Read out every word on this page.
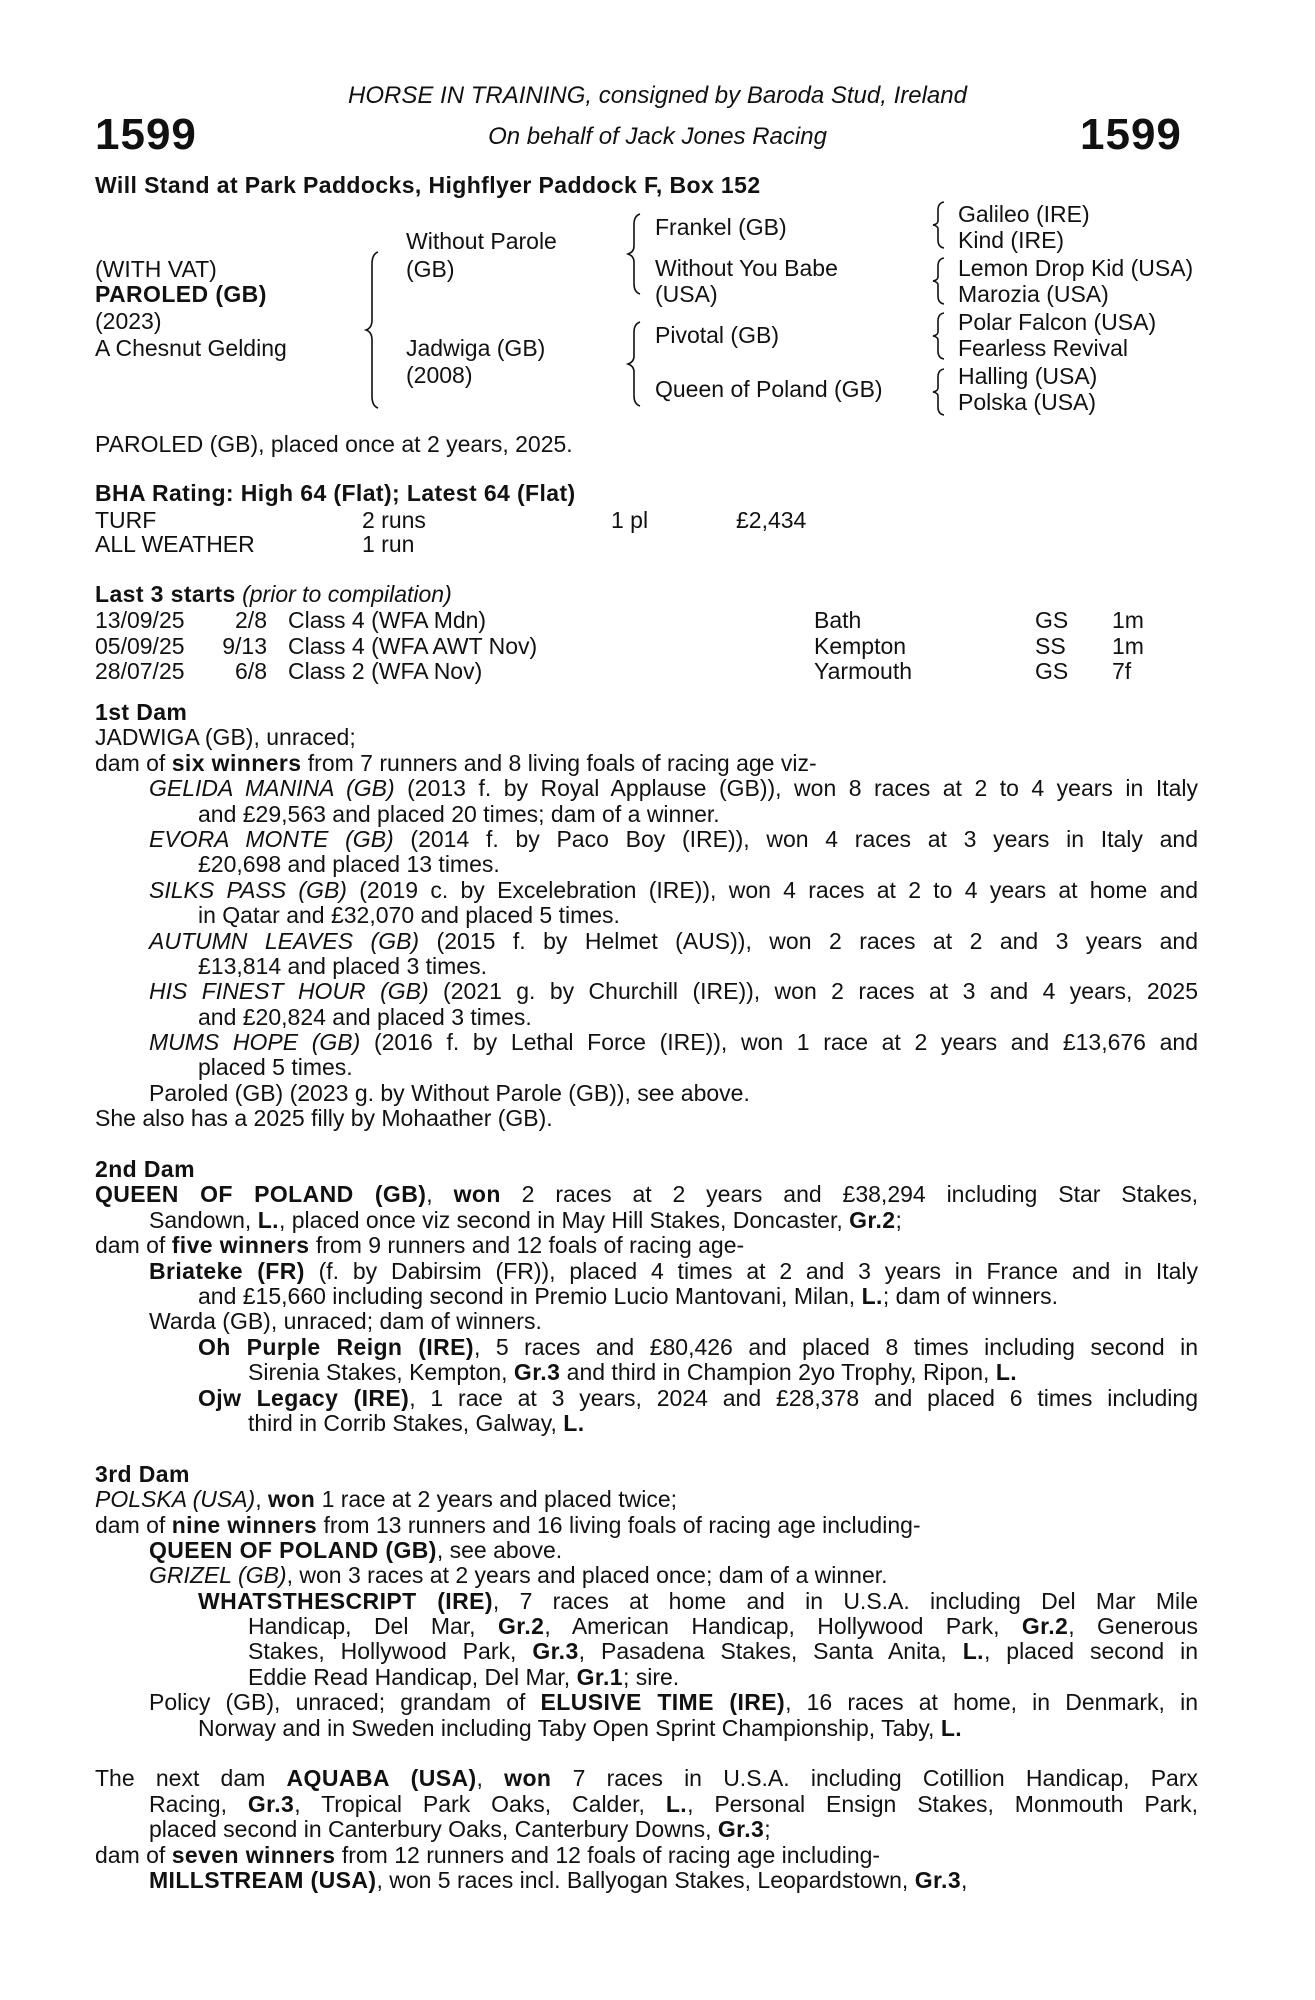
HORSE IN TRAINING, consigned by Baroda Stud, Ireland
On behalf of Jack Jones Racing
1599	1599
Will Stand at Park Paddocks, Highflyer Paddock F, Box 152
(WITH VAT)
PAROLED (GB)
(2023)
A Chesnut Gelding
Without Parole
(GB)
Jadwiga (GB)
(2008)
Frankel (GB)
Without You Babe
(USA)
Pivotal (GB)
Queen of Poland (GB)
Galileo (IRE)
Kind (IRE)
Lemon Drop Kid (USA)
Marozia (USA)
Polar Falcon (USA)
Fearless Revival
Halling (USA)
Polska (USA)
PAROLED (GB), placed once at 2 years, 2025.
BHA Rating: High 64 (Flat); Latest 64 (Flat)
TURF	2 runs	1 pl	£2,434
ALL WEATHER	1 run
Last 3 starts (prior to compilation)
13/09/25	2/8 Class 4 (WFA Mdn)	Bath	GS 1m
05/09/25	9/13 Class 4 (WFA AWT Nov)	Kempton	SS 1m
28/07/25	6/8 Class 2 (WFA Nov)	Yarmouth	GS 7f
1st Dam
JADWIGA (GB), unraced;
dam of six winners from 7 runners and 8 living foals of racing age viz-
GELIDA MANINA (GB) (2013 f. by Royal Applause (GB)), won 8 races at 2 to 4 years in Italy
and £29,563 and placed 20 times; dam of a winner.
EVORA MONTE (GB) (2014 f. by Paco Boy (IRE)), won 4 races at 3 years in Italy and
£20,698 and placed 13 times.
SILKS PASS (GB) (2019 c. by Excelebration (IRE)), won 4 races at 2 to 4 years at home and
in Qatar and £32,070 and placed 5 times.
AUTUMN LEAVES (GB) (2015 f. by Helmet (AUS)), won 2 races at 2 and 3 years and
£13,814 and placed 3 times.
HIS FINEST HOUR (GB) (2021 g. by Churchill (IRE)), won 2 races at 3 and 4 years, 2025
and £20,824 and placed 3 times.
MUMS HOPE (GB) (2016 f. by Lethal Force (IRE)), won 1 race at 2 years and £13,676 and
placed 5 times.
Paroled (GB) (2023 g. by Without Parole (GB)), see above.
She also has a 2025 filly by Mohaather (GB).
2nd Dam
QUEEN OF POLAND (GB), won 2 races at 2 years and £38,294 including Star Stakes,
Sandown, L., placed once viz second in May Hill Stakes, Doncaster, Gr.2;
dam of five winners from 9 runners and 12 foals of racing age-
Briateke (FR) (f. by Dabirsim (FR)), placed 4 times at 2 and 3 years in France and in Italy
and £15,660 including second in Premio Lucio Mantovani, Milan, L.; dam of winners.
Warda (GB), unraced; dam of winners.
Oh Purple Reign (IRE), 5 races and £80,426 and placed 8 times including second in
Sirenia Stakes, Kempton, Gr.3 and third in Champion 2yo Trophy, Ripon, L.
Ojw Legacy (IRE), 1 race at 3 years, 2024 and £28,378 and placed 6 times including
third in Corrib Stakes, Galway, L.
3rd Dam
POLSKA (USA), won 1 race at 2 years and placed twice;
dam of nine winners from 13 runners and 16 living foals of racing age including-
QUEEN OF POLAND (GB), see above.
GRIZEL (GB), won 3 races at 2 years and placed once; dam of a winner.
WHATSTHESCRIPT (IRE), 7 races at home and in U.S.A. including Del Mar Mile
Handicap, Del Mar, Gr.2, American Handicap, Hollywood Park, Gr.2, Generous
Stakes, Hollywood Park, Gr.3, Pasadena Stakes, Santa Anita, L., placed second in
Eddie Read Handicap, Del Mar, Gr.1; sire.
Policy (GB), unraced; grandam of ELUSIVE TIME (IRE), 16 races at home, in Denmark, in
Norway and in Sweden including Taby Open Sprint Championship, Taby, L.
The next dam AQUABA (USA), won 7 races in U.S.A. including Cotillion Handicap, Parx
Racing, Gr.3, Tropical Park Oaks, Calder, L., Personal Ensign Stakes, Monmouth Park,
placed second in Canterbury Oaks, Canterbury Downs, Gr.3;
dam of seven winners from 12 runners and 12 foals of racing age including-
MILLSTREAM (USA), won 5 races incl. Ballyogan Stakes, Leopardstown, Gr.3,
